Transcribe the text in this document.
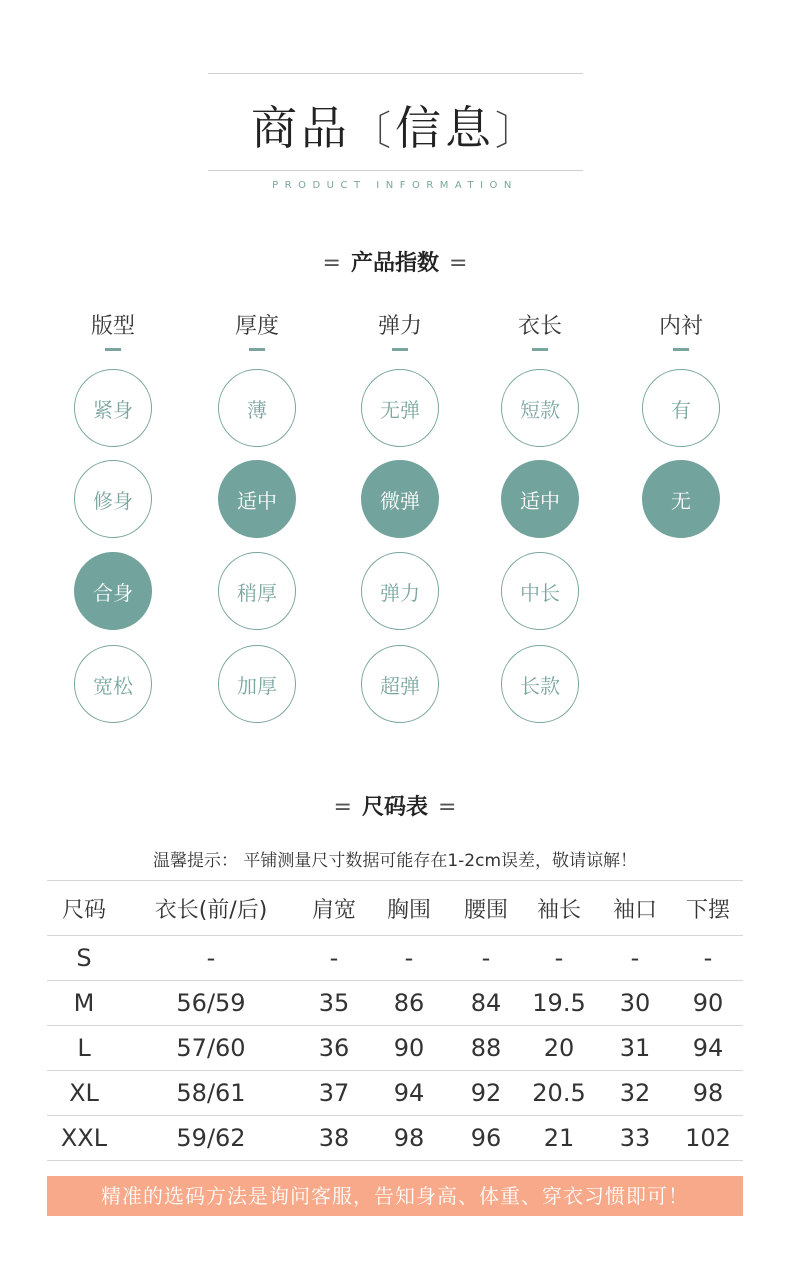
商品〔信息〕
PRODUCT INFORMATION
= 产品指数 =
版型	厚度	弹力	衣长	内衬
紧身	薄	无弹	短款	有
修身	适中	微弹	适中	无
合身	稍厚	弹力	中长
宽松	加厚	超弹	长款
= 尺码表 =
温馨提示： 平铺测量尺寸数据可能存在1-2cm误差，敬请谅解！
尺码	衣长(前/后)	肩宽	胸围	腰围	袖长	袖口	下摆
S	-	-	-	-	-	-	-
M	56/59	35	86	84	19.5	30	90
L	57/60	36	90	88	20	31	94
XL	58/61	37	94	92	20.5	32	98
XXL	59/62	38	98	96	21	33	102
精准的选码方法是询问客服，告知身高、体重、穿衣习惯即可！
